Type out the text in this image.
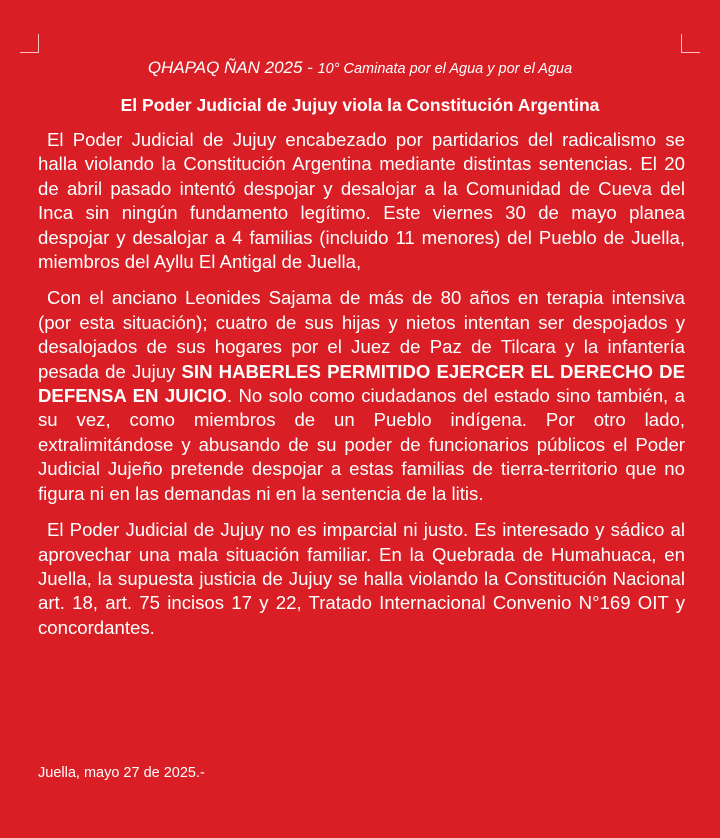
QHAPAQ ÑAN 2025 - 10° Caminata por el Agua y por el Agua
El Poder Judicial de Jujuy viola la Constitución Argentina

El Poder Judicial de Jujuy encabezado por partidarios del radicalismo se halla violando la Constitución Argentina mediante distintas sentencias. El 20 de abril pasado intentó despojar y desalojar a la Comunidad de Cueva del Inca sin ningún fundamento legítimo. Este viernes 30 de mayo planea despojar y desalojar a 4 familias (incluido 11 menores) del Pueblo de Juella, miembros del Ayllu El Antigal de Juella,

Con el anciano Leonides Sajama de más de 80 años en terapia intensiva (por esta situación); cuatro de sus hijas y nietos intentan ser despojados y desalojados de sus hogares por el Juez de Paz de Tilcara y la infantería pesada de Jujuy SIN HABERLES PERMITIDO EJERCER EL DERECHO DE DEFENSA EN JUICIO. No solo como ciudadanos del estado sino también, a su vez, como miembros de un Pueblo indígena. Por otro lado, extralimitándose y abusando de su poder de funcionarios públicos el Poder Judicial Jujeño pretende despojar a estas familias de tierra-territorio que no figura ni en las demandas ni en la sentencia de la litis.

El Poder Judicial de Jujuy no es imparcial ni justo. Es interesado y sádico al aprovechar una mala situación familiar. En la Quebrada de Humahuaca, en Juella, la supuesta justicia de Jujuy se halla violando la Constitución Nacional art. 18, art. 75 incisos 17 y 22, Tratado Internacional Convenio N°169 OIT y concordantes.

Juella, mayo 27 de 2025.-
